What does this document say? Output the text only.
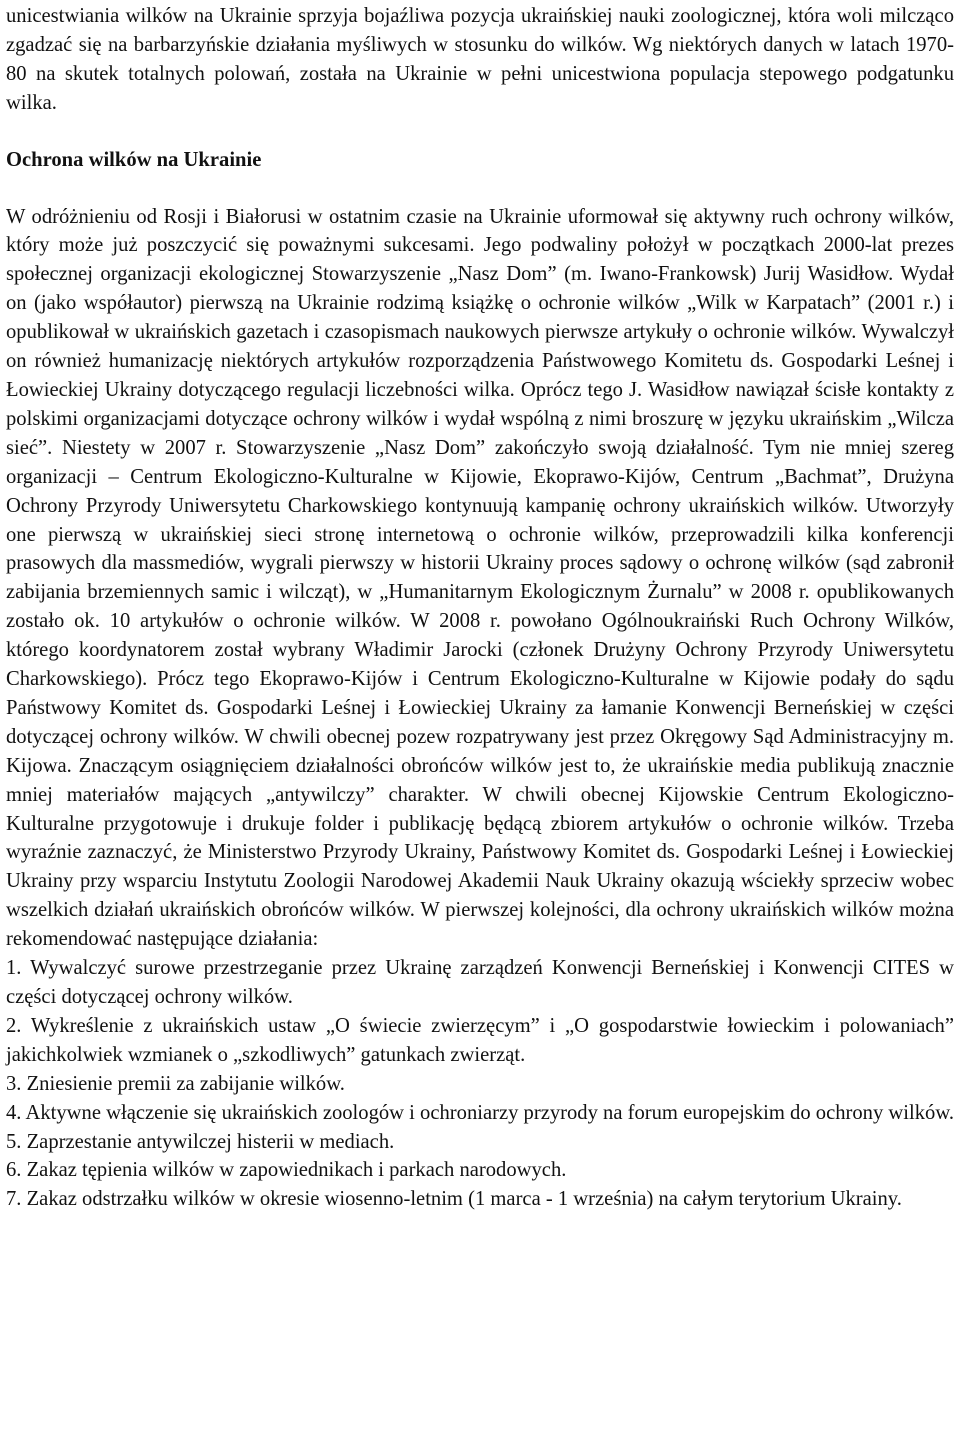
unicestwiania wilków na Ukrainie sprzyja bojaźliwa pozycja ukraińskiej nauki zoologicznej, która woli milcząco zgadzać się na barbarzyńskie działania myśliwych w stosunku do wilków. Wg niektórych danych w latach 1970-80 na skutek totalnych polowań, została na Ukrainie w pełni unicestwiona populacja stepowego podgatunku wilka.

Ochrona wilków na Ukrainie

W odróżnieniu od Rosji i Białorusi w ostatnim czasie na Ukrainie uformował się aktywny ruch ochrony wilków, który może już poszczycić się poważnymi sukcesami. Jego podwaliny położył w początkach 2000-lat prezes społecznej organizacji ekologicznej Stowarzyszenie „Nasz Dom” (m. Iwano-Frankowsk) Jurij Wasidłow. Wydał on (jako współautor) pierwszą na Ukrainie rodzimą książkę o ochronie wilków „Wilk w Karpatach” (2001 r.) i opublikował w ukraińskich gazetach i czasopismach naukowych pierwsze artykuły o ochronie wilków. Wywalczył on również humanizację niektórych artykułów rozporządzenia Państwowego Komitetu ds. Gospodarki Leśnej i Łowieckiej Ukrainy dotyczącego regulacji liczebności wilka. Oprócz tego J. Wasidłow nawiązał ścisłe kontakty z polskimi organizacjami dotyczące ochrony wilków i wydał wspólną z nimi broszurę w języku ukraińskim „Wilcza sieć”. Niestety w 2007 r. Stowarzyszenie „Nasz Dom” zakończyło swoją działalność. Tym nie mniej szereg organizacji – Centrum Ekologiczno-Kulturalne w Kijowie, Ekoprawo-Kijów, Centrum „Bachmat”, Drużyna Ochrony Przyrody Uniwersytetu Charkowskiego kontynuują kampanię ochrony ukraińskich wilków. Utworzyły one pierwszą w ukraińskiej sieci stronę internetową o ochronie wilków, przeprowadzili kilka konferencji prasowych dla massmediów, wygrali pierwszy w historii Ukrainy proces sądowy o ochronę wilków (sąd zabronił zabijania brzemiennych samic i wilcząt), w „Humanitarnym Ekologicznym Żurnalu” w 2008 r. opublikowanych zostało ok. 10 artykułów o ochronie wilków. W 2008 r. powołano Ogólnoukraiński Ruch Ochrony Wilków, którego koordynatorem został wybrany Władimir Jarocki (członek Drużyny Ochrony Przyrody Uniwersytetu Charkowskiego). Prócz tego Ekoprawo-Kijów i Centrum Ekologiczno-Kulturalne w Kijowie podały do sądu Państwowy Komitet ds. Gospodarki Leśnej i Łowieckiej Ukrainy za łamanie Konwencji Berneńskiej w części dotyczącej ochrony wilków. W chwili obecnej pozew rozpatrywany jest przez Okręgowy Sąd Administracyjny m. Kijowa. Znaczącym osiągnięciem działalności obrońców wilków jest to, że ukraińskie media publikują znacznie mniej materiałów mających „antywilczy” charakter. W chwili obecnej Kijowskie Centrum Ekologiczno-Kulturalne przygotowuje i drukuje folder i publikację będącą zbiorem artykułów o ochronie wilków. Trzeba wyraźnie zaznaczyć, że Ministerstwo Przyrody Ukrainy, Państwowy Komitet ds. Gospodarki Leśnej i Łowieckiej Ukrainy przy wsparciu Instytutu Zoologii Narodowej Akademii Nauk Ukrainy okazują wściekły sprzeciw wobec wszelkich działań ukraińskich obrońców wilków. W pierwszej kolejności, dla ochrony ukraińskich wilków można rekomendować następujące działania:

1. Wywalczyć surowe przestrzeganie przez Ukrainę zarządzeń Konwencji Berneńskiej i Konwencji CITES w części dotyczącej ochrony wilków.

2. Wykreślenie z ukraińskich ustaw „O świecie zwierzęcym” i „O gospodarstwie łowieckim i polowaniach” jakichkolwiek wzmianek o „szkodliwych” gatunkach zwierząt.

3. Zniesienie premii za zabijanie wilków.

4. Aktywne włączenie się ukraińskich zoologów i ochroniarzy przyrody na forum europejskim do ochrony wilków.

5. Zaprzestanie antywilczej histerii w mediach.

6. Zakaz tępienia wilków w zapowiednikach i parkach narodowych.

7. Zakaz odstrzałku wilków w okresie wiosenno-letnim (1 marca - 1 września) na całym terytorium Ukrainy.
